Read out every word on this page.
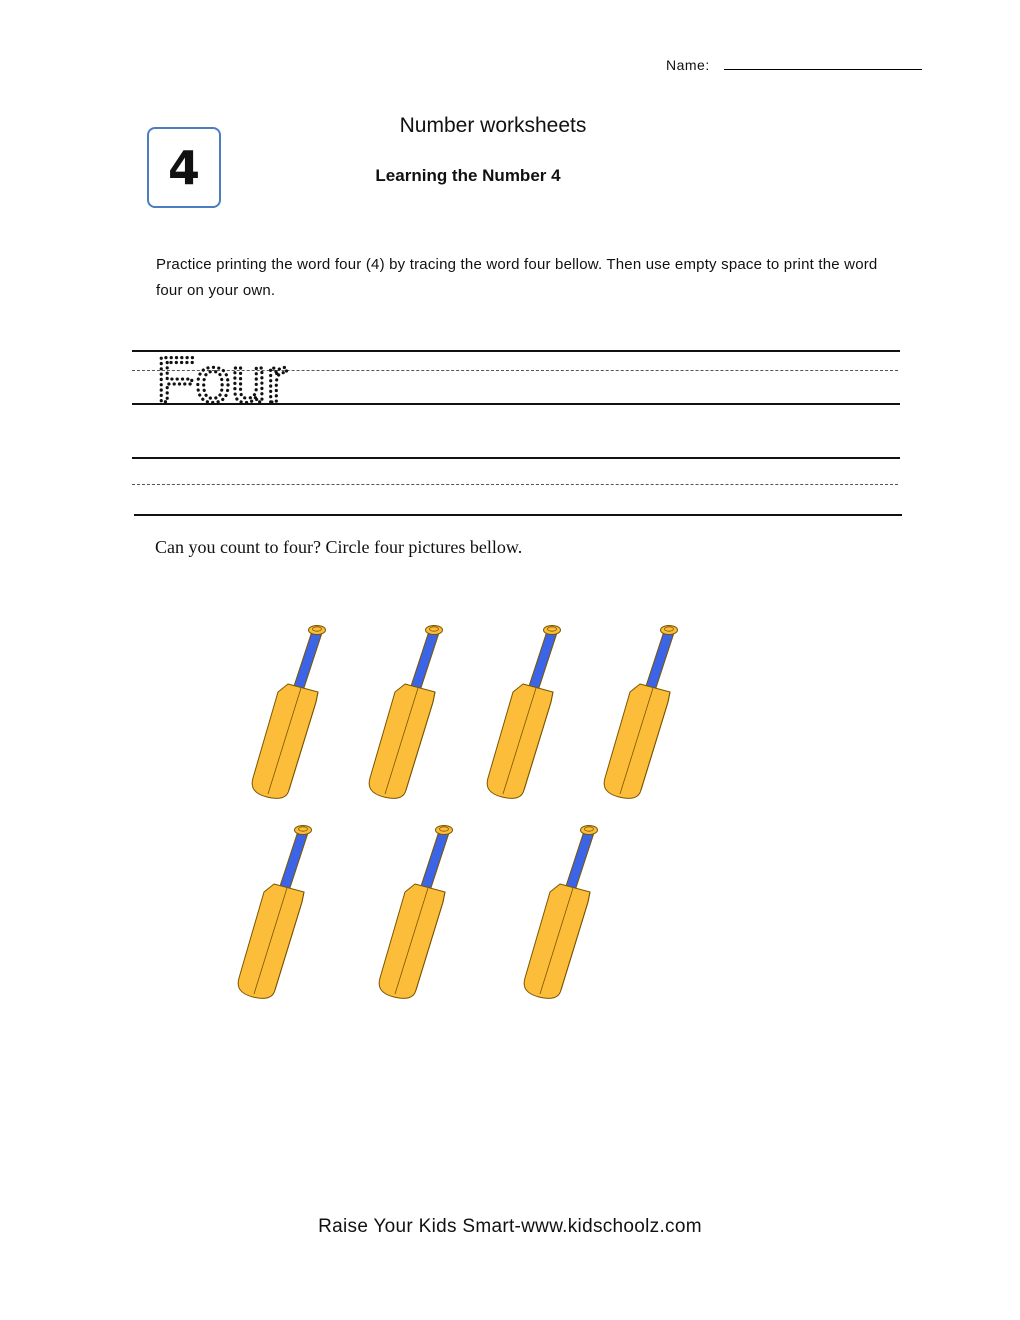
Name:
4
Number worksheets
Learning the Number 4
Practice printing the word four (4) by tracing the word four bellow. Then use empty space to print the word four on your own.
Four
Can you count to four? Circle four pictures bellow.
Raise Your Kids Smart-www.kidschoolz.com
